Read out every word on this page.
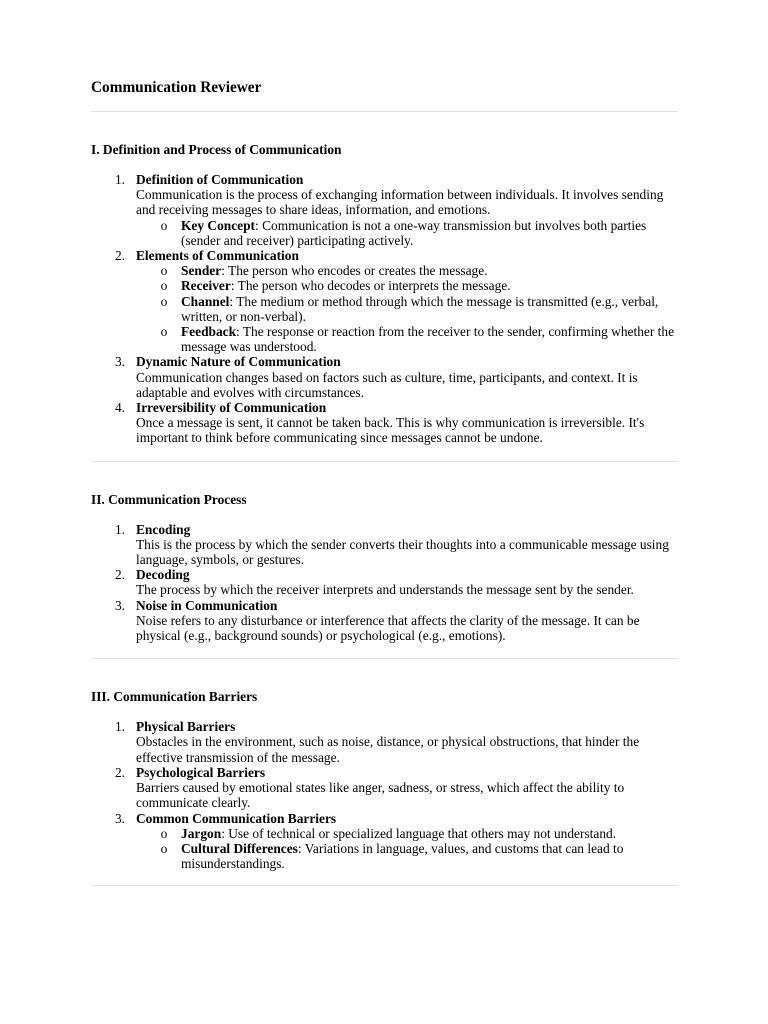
Communication Reviewer
I. Definition and Process of Communication
1. Definition of Communication
Communication is the process of exchanging information between individuals. It involves sending and receiving messages to share ideas, information, and emotions.
o Key Concept: Communication is not a one-way transmission but involves both parties (sender and receiver) participating actively.
2. Elements of Communication
o Sender: The person who encodes or creates the message.
o Receiver: The person who decodes or interprets the message.
o Channel: The medium or method through which the message is transmitted (e.g., verbal, written, or non-verbal).
o Feedback: The response or reaction from the receiver to the sender, confirming whether the message was understood.
3. Dynamic Nature of Communication
Communication changes based on factors such as culture, time, participants, and context. It is adaptable and evolves with circumstances.
4. Irreversibility of Communication
Once a message is sent, it cannot be taken back. This is why communication is irreversible. It's important to think before communicating since messages cannot be undone.
II. Communication Process
1. Encoding
This is the process by which the sender converts their thoughts into a communicable message using language, symbols, or gestures.
2. Decoding
The process by which the receiver interprets and understands the message sent by the sender.
3. Noise in Communication
Noise refers to any disturbance or interference that affects the clarity of the message. It can be physical (e.g., background sounds) or psychological (e.g., emotions).
III. Communication Barriers
1. Physical Barriers
Obstacles in the environment, such as noise, distance, or physical obstructions, that hinder the effective transmission of the message.
2. Psychological Barriers
Barriers caused by emotional states like anger, sadness, or stress, which affect the ability to communicate clearly.
3. Common Communication Barriers
o Jargon: Use of technical or specialized language that others may not understand.
o Cultural Differences: Variations in language, values, and customs that can lead to misunderstandings.
